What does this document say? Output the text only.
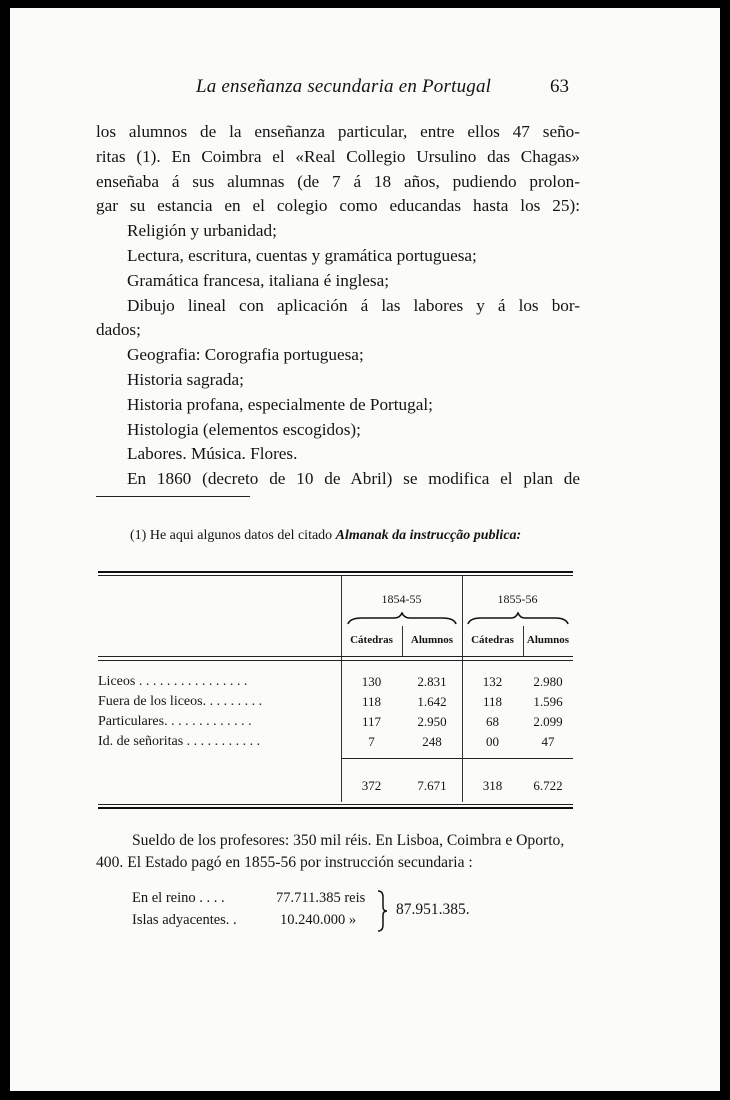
La enseñanza secundaria en Portugal	63
los alumnos de la enseñanza particular, entre ellos 47 seño-
ritas (1). En Coimbra el «Real Collegio Ursulino das Chagas»
enseñaba á sus alumnas (de 7 á 18 años, pudiendo prolon-
gar su estancia en el colegio como educandas hasta los 25):
Religión y urbanidad;
Lectura, escritura, cuentas y gramática portuguesa;
Gramática francesa, italiana é inglesa;
Dibujo lineal con aplicación á las labores y á los bor-
dados;
Geografia: Corografia portuguesa;
Historia sagrada;
Historia profana, especialmente de Portugal;
Histologia (elementos escogidos);
Labores. Música. Flores.
En 1860 (decreto de 10 de Abril) se modifica el plan de
(1) He aqui algunos datos del citado Almanak da instrucção publica:
1854-55	1855-56
Cátedras	Alumnos	Cátedras	Alumnos
Liceos . . . . . . . . . . . . . . . .	130	2.831	132	2.980
Fuera de los liceos. . . . . . . . .	118	1.642	118	1.596
Particulares. . . . . . . . . . . . .	117	2.950	68	2.099
Id. de señoritas . . . . . . . . . . .	7	248	00	47
372	7.671	318	6.722
Sueldo de los profesores: 350 mil réis. En Lisboa, Coimbra e Oporto,
400. El Estado pagó en 1855-56 por instrucción secundaria :
En el reino . . . .	77.711.385 reis
Islas adyacentes. .	10.240.000 »
87.951.385.
